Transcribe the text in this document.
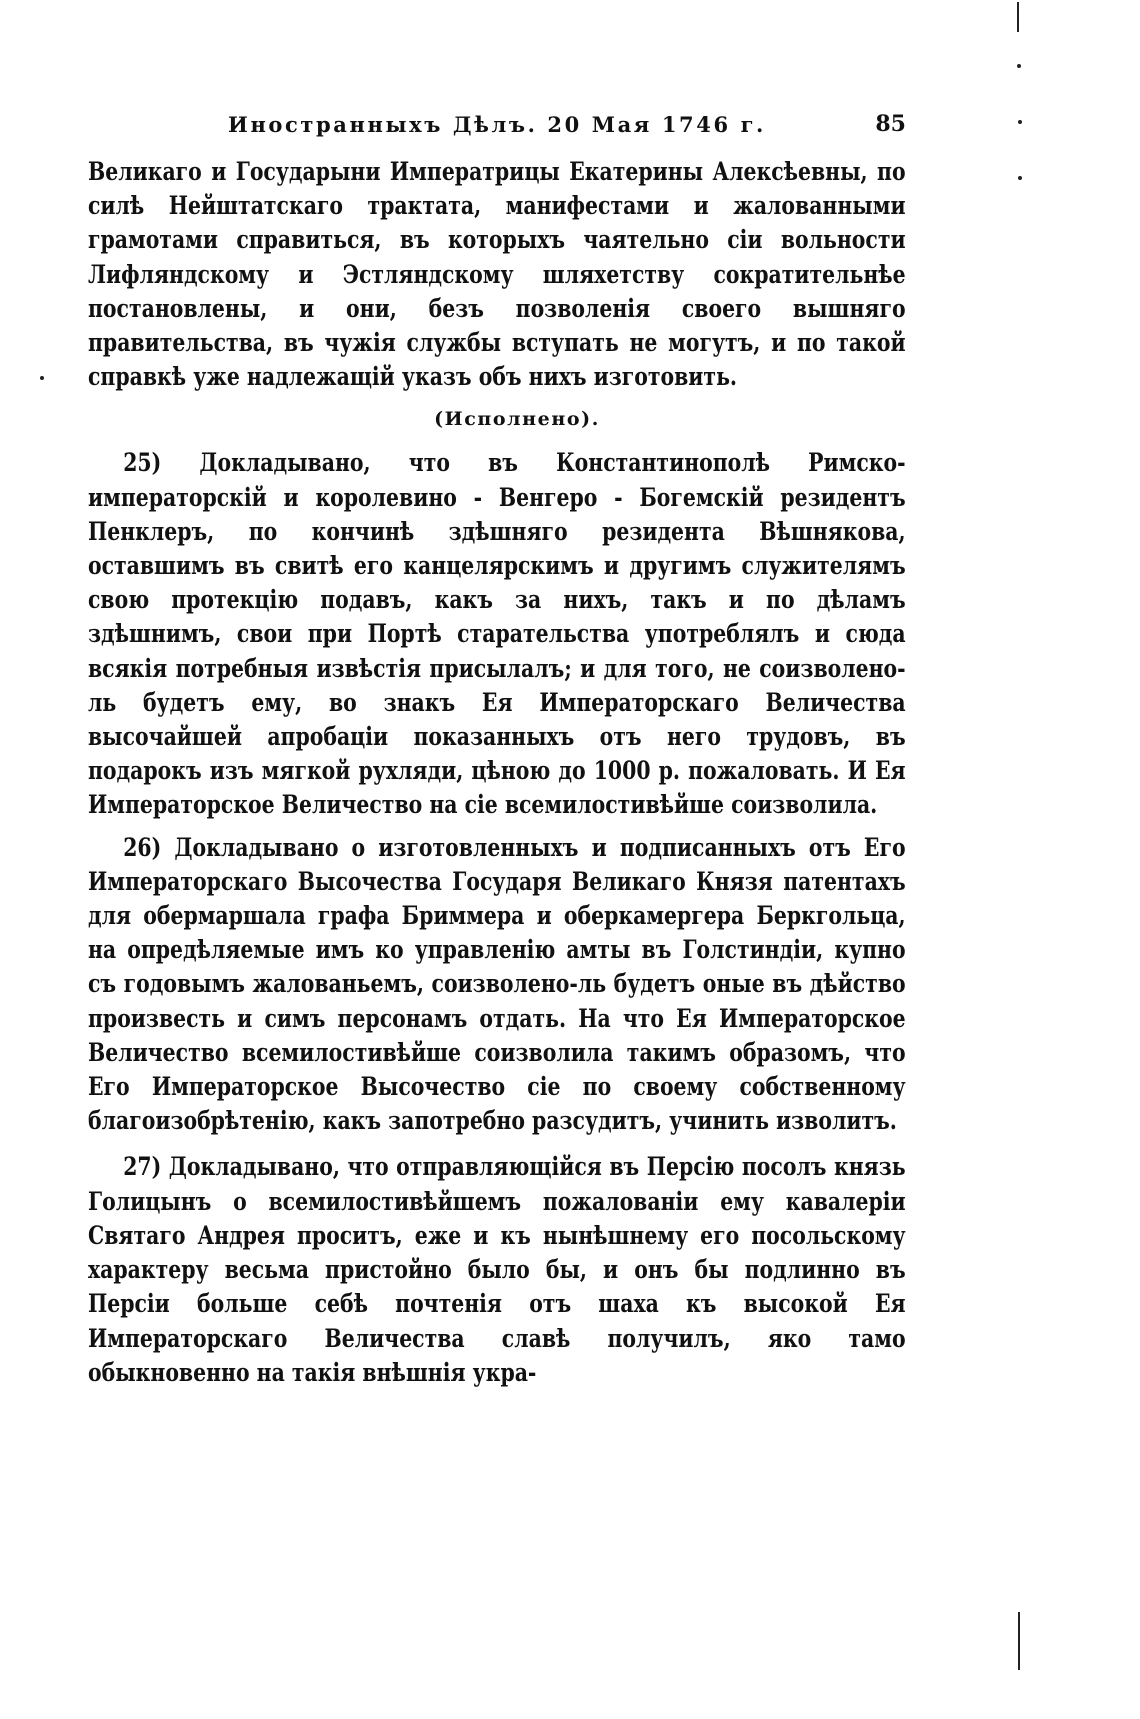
Иностранныхъ Дѣлъ. 20 Мая 1746 г.	85

Великаго и Государыни Императрицы Екатерины Алексѣевны, по силѣ Нейштатскаго трактата, манифестами и жалованными грамотами справиться, въ которыхъ чаятельно сіи вольности Лифляндскому и Эстляндскому шляхетству сократительнѣе постановлены, и они, безъ позволенія своего вышняго правительства, въ чужія службы вступать не могутъ, и по такой справкѣ уже надлежащій указъ объ нихъ изготовить.

(Исполнено).

25) Докладывано, что въ Константинополѣ Римско-императорскій и королевино - Венгеро - Богемскій резидентъ Пенклеръ, по кончинѣ здѣшняго резидента Вѣшнякова, оставшимъ въ свитѣ его канцелярскимъ и другимъ служителямъ свою протекцію подавъ, какъ за нихъ, такъ и по дѣламъ здѣшнимъ, свои при Портѣ старательства употреблялъ и сюда всякія потребныя извѣстія присылалъ; и для того, не соизволено-ль будетъ ему, во знакъ Ея Императорскаго Величества высочайшей апробаціи показанныхъ отъ него трудовъ, въ подарокъ изъ мягкой рухляди, цѣною до 1000 р. пожаловать. И Ея Императорское Величество на сіе всемилостивѣйше соизволила.

26) Докладывано о изготовленныхъ и подписанныхъ отъ Его Императорскаго Высочества Государя Великаго Князя патентахъ для обермаршала графа Бриммера и оберкамергера Беркгольца, на опредѣляемые имъ ко управленію амты въ Голстиндіи, купно съ годовымъ жалованьемъ, соизволено-ль будетъ оные въ дѣйство произвесть и симъ персонамъ отдать. На что Ея Императорское Величество всемилостивѣйше соизволила такимъ образомъ, что Его Императорское Высочество сіе по своему собственному благоизобрѣтенію, какъ запотребно разсудитъ, учинить изволитъ.

27) Докладывано, что отправляющійся въ Персію посолъ князь Голицынъ о всемилостивѣйшемъ пожалованіи ему кавалеріи Святаго Андрея проситъ, еже и къ нынѣшнему его посольскому характеру весьма пристойно было бы, и онъ бы подлинно въ Персіи больше себѣ почтенія отъ шаха къ высокой Ея Императорскаго Величества славѣ получилъ, яко тамо обыкновенно на такія внѣшнія укра-
